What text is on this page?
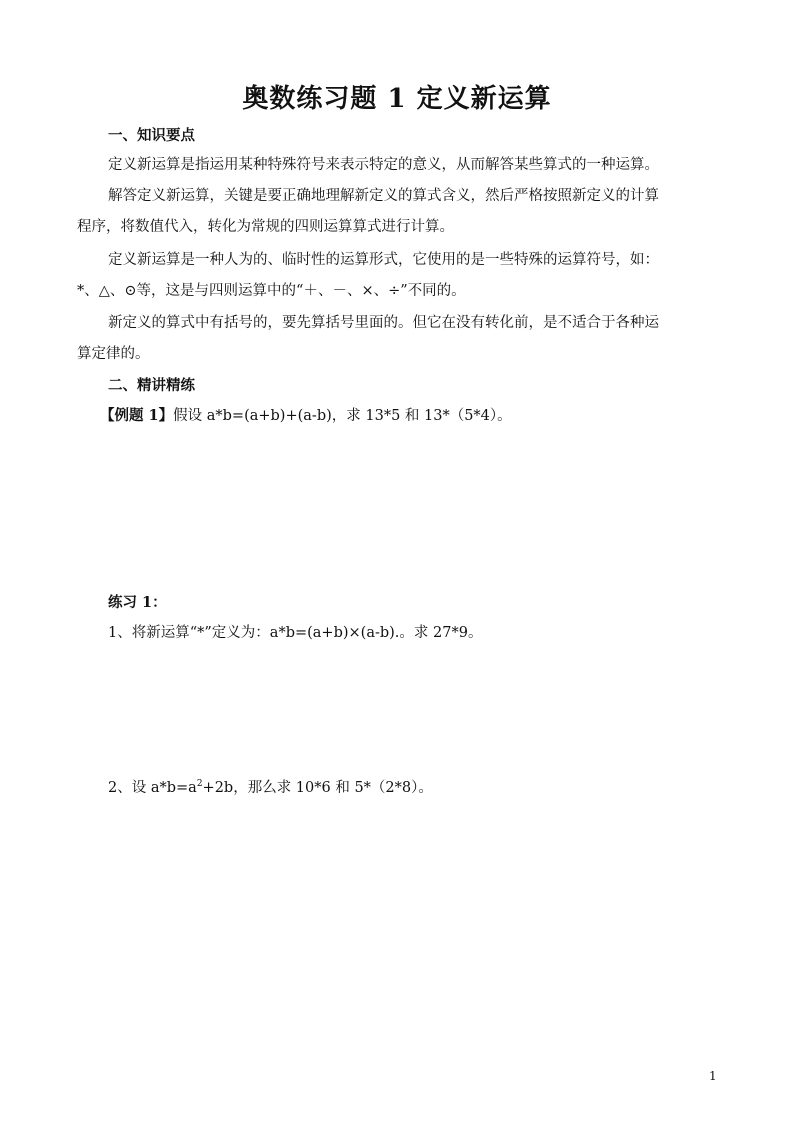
奥数练习题 1 定义新运算
一、知识要点
定义新运算是指运用某种特殊符号来表示特定的意义，从而解答某些算式的一种运算。
解答定义新运算，关键是要正确地理解新定义的算式含义，然后严格按照新定义的计算
程序，将数值代入，转化为常规的四则运算算式进行计算。
定义新运算是一种人为的、临时性的运算形式，它使用的是一些特殊的运算符号，如：
*、△、⊙等，这是与四则运算中的“＋、－、×、÷”不同的。
新定义的算式中有括号的，要先算括号里面的。但它在没有转化前，是不适合于各种运
算定律的。
二、精讲精练
【例题 1】假设 a*b=(a+b)+(a-b)，求 13*5 和 13*（5*4）。
练习 1：
1、将新运算“*”定义为：a*b=(a+b)×(a-b).。求 27*9。
2、设 $a*b=a^2+2b$，那么求 10*6 和 5*（2*8）。
1
